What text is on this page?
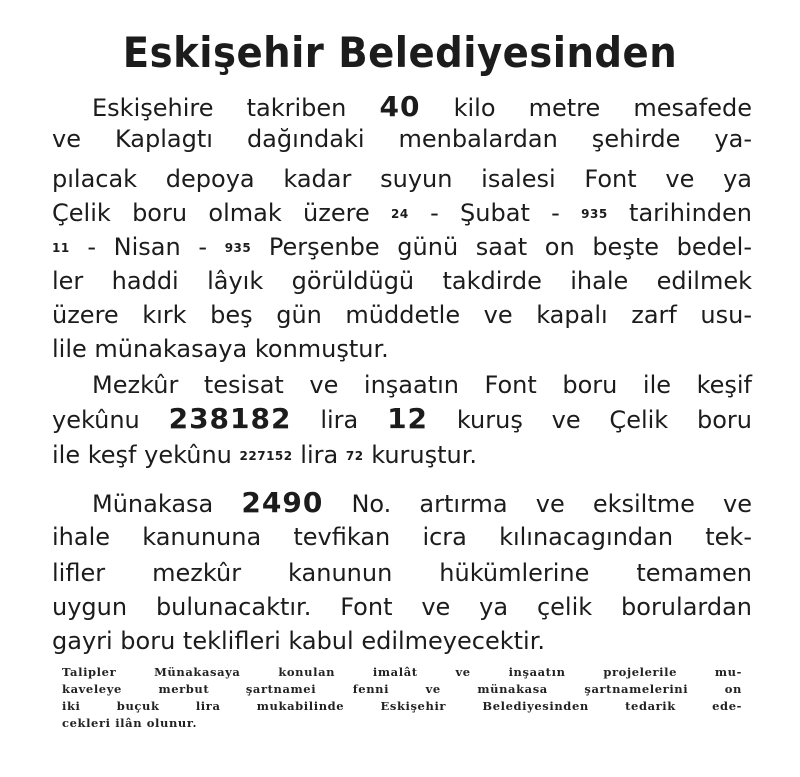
Eskişehir Belediyesinden
Eskişehire takriben 40 kilo metre mesafede
ve Kaplagtı dağındaki menbalardan şehirde ya-
pılacak depoya kadar suyun isalesi Font ve ya
Çelik boru olmak üzere 24 - Şubat - 935 tarihinden
11 - Nisan - 935 Perşenbe günü saat on beşte bedel-
ler haddi lâyık görüldügü takdirde ihale edilmek
üzere kırk beş gün müddetle ve kapalı zarf usu-
lile münakasaya konmuştur.
Mezkûr tesisat ve inşaatın Font boru ile keşif
yekûnu 238182 lira 12 kuruş ve Çelik boru
ile keşf yekûnu 227152 lira 72 kuruştur.
Münakasa 2490 No. artırma ve eksiltme ve
ihale kanununa tevfikan icra kılınacagından tek-
lifler mezkûr kanunun hükümlerine temamen
uygun bulunacaktır. Font ve ya çelik borulardan
gayri boru teklifleri kabul edilmeyecektir.
Talipler Münakasaya konulan imalât ve inşaatın projelerile mu-
kaveleye merbut şartnamei fenni ve münakasa şartnamelerini on
iki buçuk lira mukabilinde Eskişehir Belediyesinden tedarik ede-
cekleri ilân olunur.
